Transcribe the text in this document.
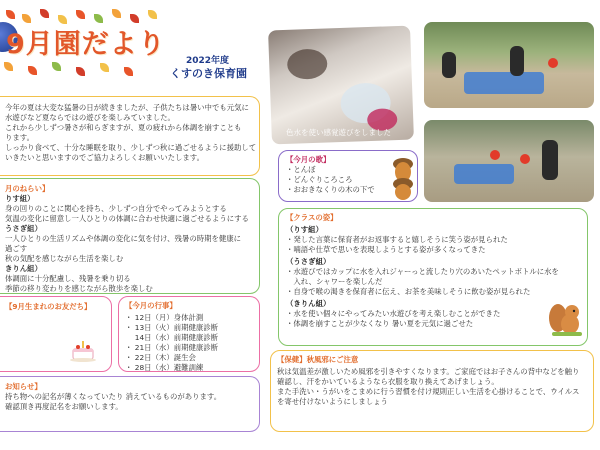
9月園だより
2022年度
くすのき保育園

今年の夏は大変な猛暑の日が続きましたが、子供たちは暑い中でも元気に

水遊びなど夏ならではの遊びを楽しみていました。

これから少しずつ暑さが和らぎますが、夏の疲れから体調を崩すことも

ります。

しっかり食べて、十分な睡眠を取り、少しずつ秋に過ごせるように援助して

いきたいと思いますのでご協力よろしくお願いいたします。

月のねらい】

りす組）

身の回りのことに関心を持ち、少しずつ自分でやってみようとする

気温の変化に留意し一人ひとりの体調に合わせ快適に過ごせるようにする

うさぎ組）

一人ひとりの生活リズムや体調の変化に気を付け、残暑の時期を健康に

過ごす

秋の気配を感じながら生活を楽しむ

きりん組）

体調面に十分配慮し、残暑を乗り切る

季節の移り変わりを感じながら散歩を楽しむ

【9月生まれのお友だち】	【今月の行事】

・ 12日（月）身体計測

・ 13日（火）前期健康診断

　 14日（水）前期健康診断

・ 21日（水）前期健康診断

・ 22日（木）誕生会

・ 28日（水）避難訓練

お知らせ】

持ち物への記名が薄くなっていたり 消えているものがあります。

確認頂き再度記名をお願いします。

色水を使い感覚遊びをしました

【今月の歌】

・とんぼ

・どんぐりころころ

・おおきなくりの木の下で

【クラスの姿】

（りす組）

・発した言葉に保育者がお返事すると嬉しそうに笑う姿が見られた

・喃語や仕草で思いを表現しようとする姿が多くなってきた

（うさぎ組）

・水遊びではカップに水を入れジャーっと流したり穴のあいたペットボトルに水を

　入れ、シャワーを楽しんだ

・自身で喉の渇きを保育者に伝え、お茶を美味しそうに飲む姿が見られた

（きりん組）

・水を使い個々にやってみたい水遊びを考え楽しむことができた

・体調を崩すことが少なくなり 暑い夏を元気に過ごせた

【保健】秋風邪にご注意

秋は気温差が激しいため風邪を引きやすくなります。ご家庭ではお子さんの背中などを触り

確認し、汗をかいているようなら衣服を取り換えてあげましょう。

また手洗い・うがいをこまめに行う習慣を付け規則正しい生活を心掛けることで、ウイルス

を寄せ付けないようにしましょう
